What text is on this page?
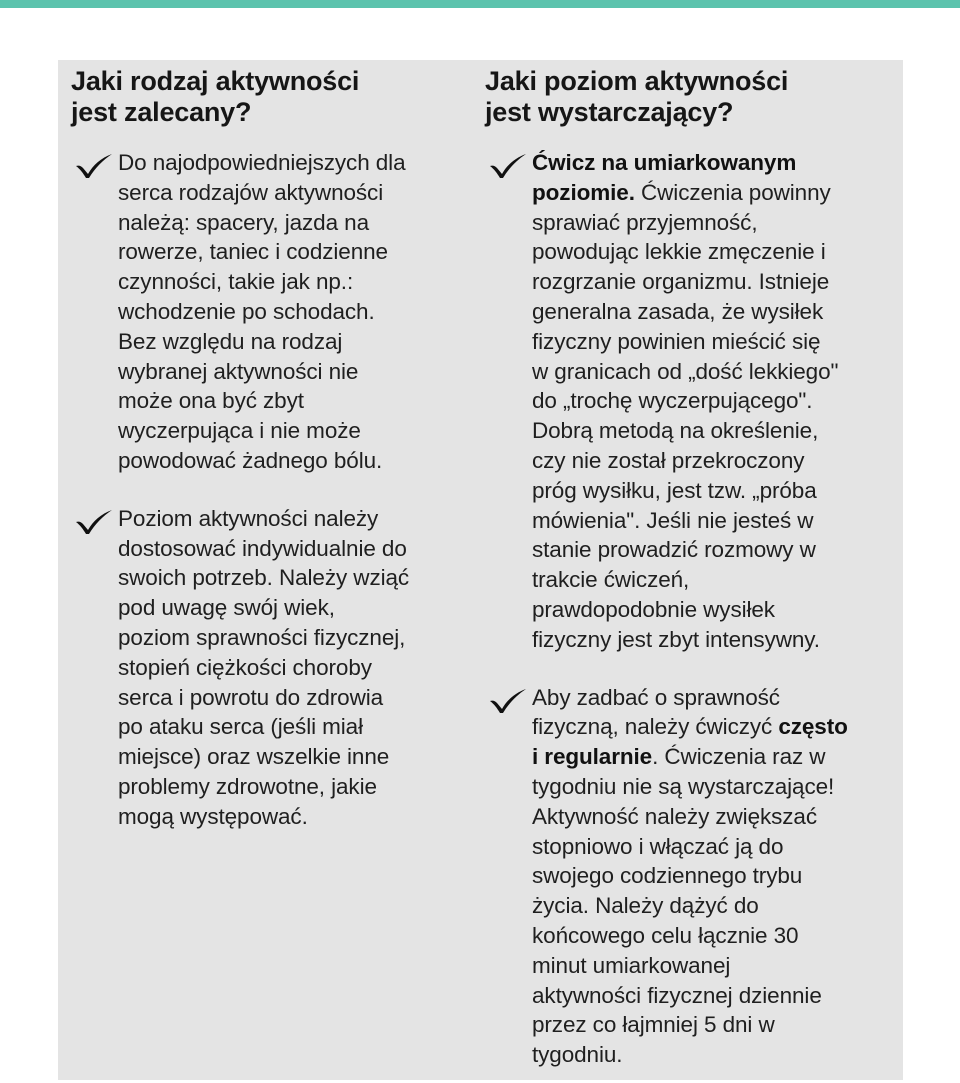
Jaki rodzaj aktywności
jest zalecany?
Do najodpowiedniejszych dla
serca rodzajów aktywności
należą: spacery, jazda na
rowerze, taniec i codzienne
czynności, takie jak np.:
wchodzenie po schodach.
Bez względu na rodzaj
wybranej aktywności nie
może ona być zbyt
wyczerpująca i nie może
powodować żadnego bólu.
Poziom aktywności należy
dostosować indywidualnie do
swoich potrzeb. Należy wziąć
pod uwagę swój wiek,
poziom sprawności fizycznej,
stopień ciężkości choroby
serca i powrotu do zdrowia
po ataku serca (jeśli miał
miejsce) oraz wszelkie inne
problemy zdrowotne, jakie
mogą występować.
Jaki poziom aktywności
jest wystarczający?
Ćwicz na umiarkowanym
poziomie. Ćwiczenia powinny
sprawiać przyjemność,
powodując lekkie zmęczenie i
rozgrzanie organizmu. Istnieje
generalna zasada, że wysiłek
fizyczny powinien mieścić się
w granicach od „dość lekkiego"
do „trochę wyczerpującego".
Dobrą metodą na określenie,
czy nie został przekroczony
próg wysiłku, jest tzw. „próba
mówienia". Jeśli nie jesteś w
stanie prowadzić rozmowy w
trakcie ćwiczeń,
prawdopodobnie wysiłek
fizyczny jest zbyt intensywny.
Aby zadbać o sprawność
fizyczną, należy ćwiczyć często
i regularnie. Ćwiczenia raz w
tygodniu nie są wystarczające!
Aktywność należy zwiększać
stopniowo i włączać ją do
swojego codziennego trybu
życia. Należy dążyć do
końcowego celu łącznie 30
minut umiarkowanej
aktywności fizycznej dziennie
przez co łajmniej 5 dni w
tygodniu.
